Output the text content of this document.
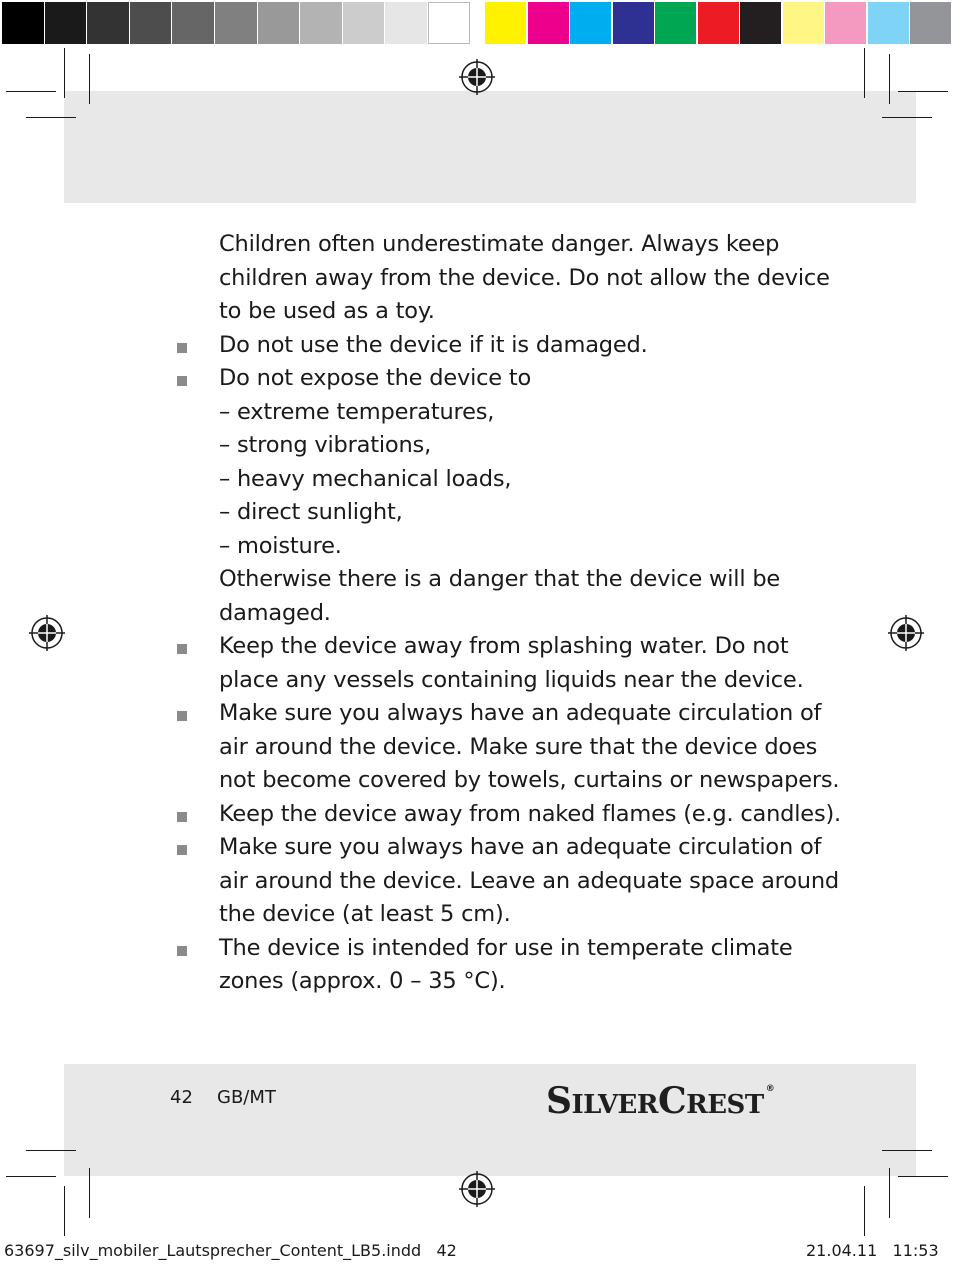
Children often underestimate danger. Always keep
children away from the device. Do not allow the device
to be used as a toy.
Do not use the device if it is damaged.
Do not expose the device to
– extreme temperatures,
– strong vibrations,
– heavy mechanical loads,
– direct sunlight,
– moisture.
Otherwise there is a danger that the device will be
damaged.
Keep the device away from splashing water. Do not
place any vessels containing liquids near the device.
Make sure you always have an adequate circulation of
air around the device. Make sure that the device does
not become covered by towels, curtains or newspapers.
Keep the device away from naked flames (e.g. candles).
Make sure you always have an adequate circulation of
air around the device. Leave an adequate space around
the device (at least 5 cm).
The device is intended for use in temperate climate
zones (approx. 0 – 35 °C).
42 GB/MT	SILVERCREST®
63697_silv_mobiler_Lautsprecher_Content_LB5.indd   42	21.04.11   11:53
